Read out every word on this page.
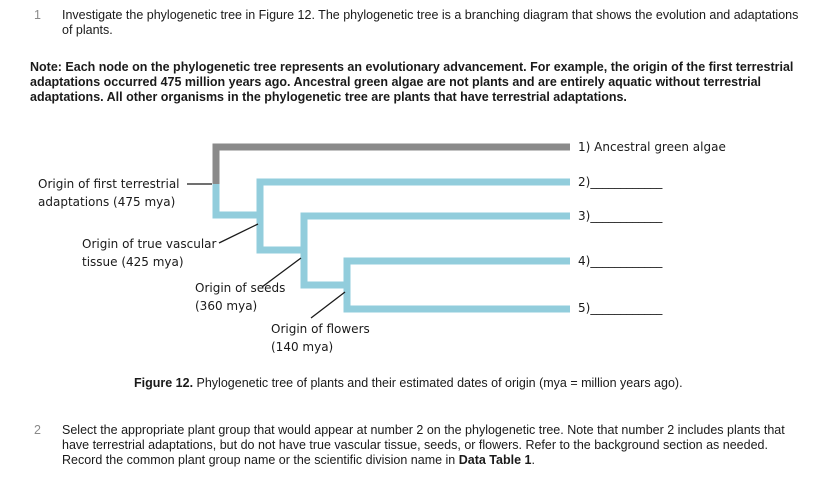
1 Investigate the phylogenetic tree in Figure 12. The phylogenetic tree is a branching diagram that shows the evolution and adaptations of plants.
Note: Each node on the phylogenetic tree represents an evolutionary advancement. For example, the origin of the first terrestrial adaptations occurred 475 million years ago. Ancestral green algae are not plants and are entirely aquatic without terrestrial adaptations. All other organisms in the phylogenetic tree are plants that have terrestrial adaptations.
1) Ancestral green algae
2)____________
3)____________
4)____________
5)____________
Origin of first terrestrial adaptations (475 mya)
Origin of true vascular tissue (425 mya)
Origin of seeds (360 mya)
Origin of flowers (140 mya)
Figure 12. Phylogenetic tree of plants and their estimated dates of origin (mya = million years ago).
2 Select the appropriate plant group that would appear at number 2 on the phylogenetic tree. Note that number 2 includes plants that have terrestrial adaptations, but do not have true vascular tissue, seeds, or flowers. Refer to the background section as needed. Record the common plant group name or the scientific division name in Data Table 1.
